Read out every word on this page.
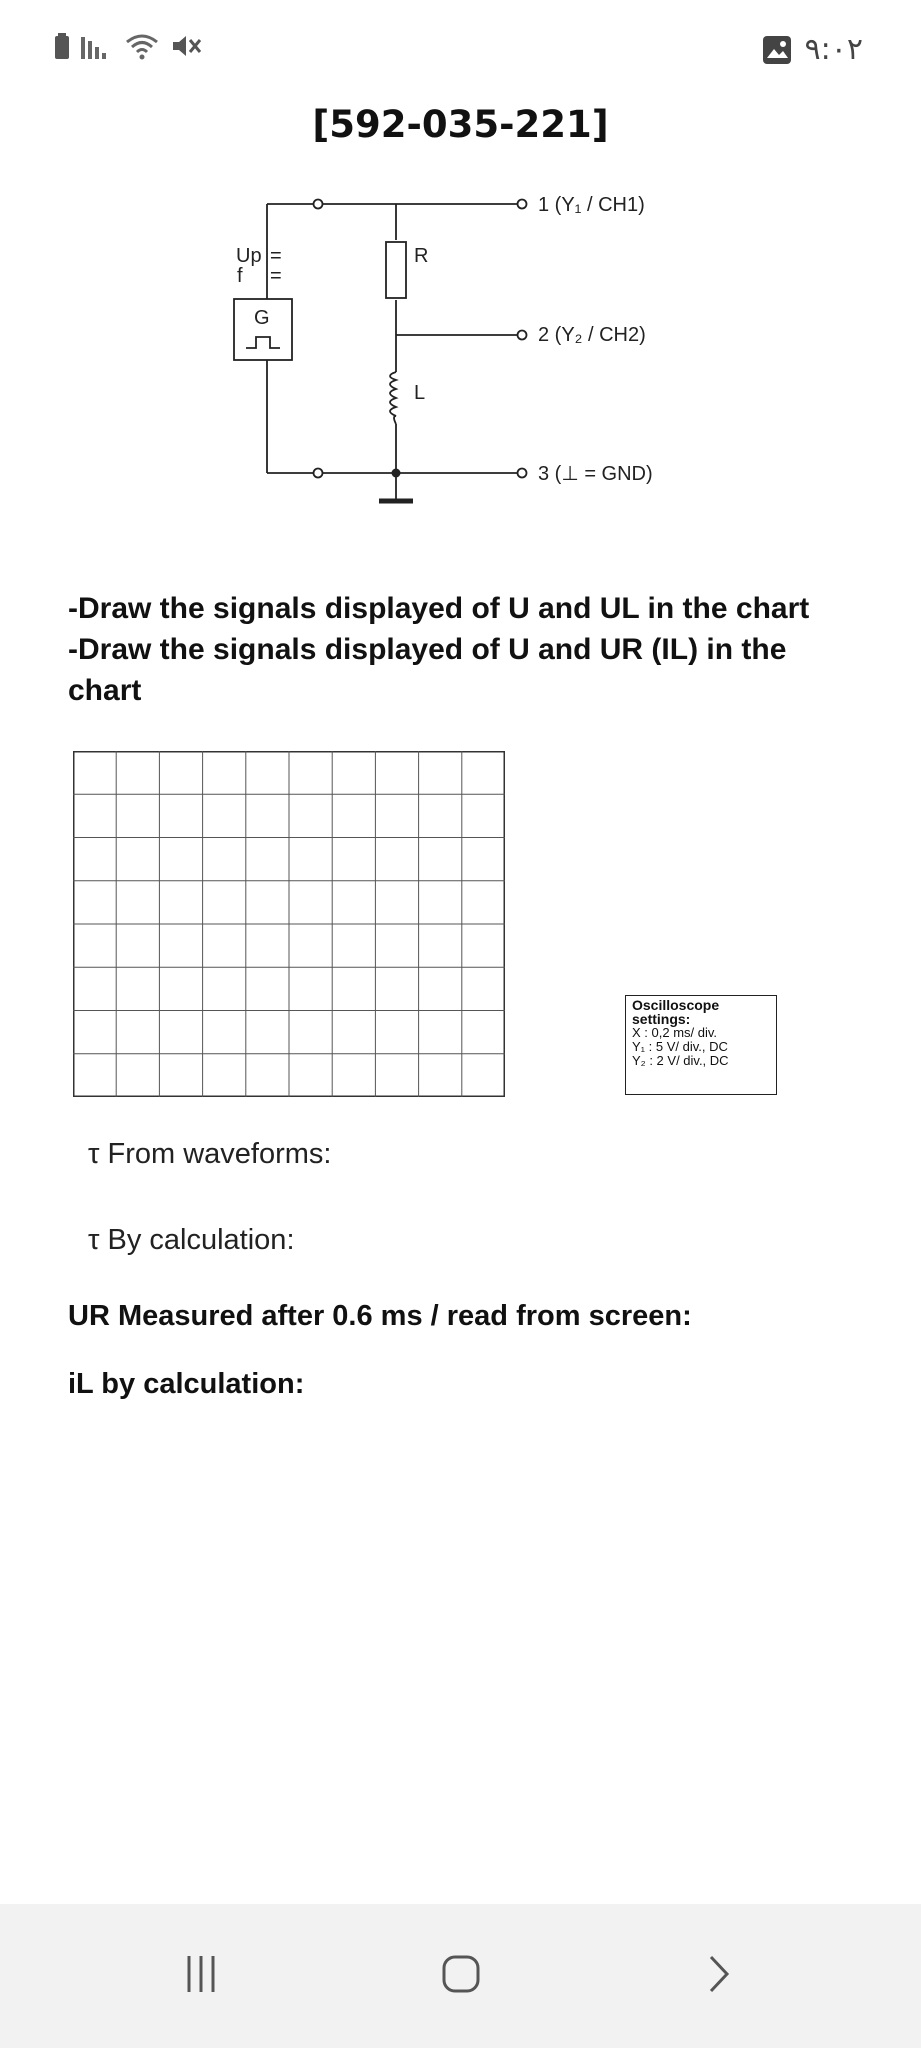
٩:٠٢
[592-035-221]
Up
f
=
=
G
R
L
1 (Y₁ / CH1)
2 (Y₂ / CH2)
3 (⊥ = GND)

-Draw the signals displayed of U and UL in the chart

-Draw the signals displayed of U and UR (IL) in the chart

Oscilloscope
settings:
X : 0,2 ms/ div.
Y₁ : 5 V/ div., DC
Y₂ : 2 V/ div., DC
τ From waveforms:
τ By calculation:
UR Measured after 0.6 ms / read from screen:
iL by calculation:
